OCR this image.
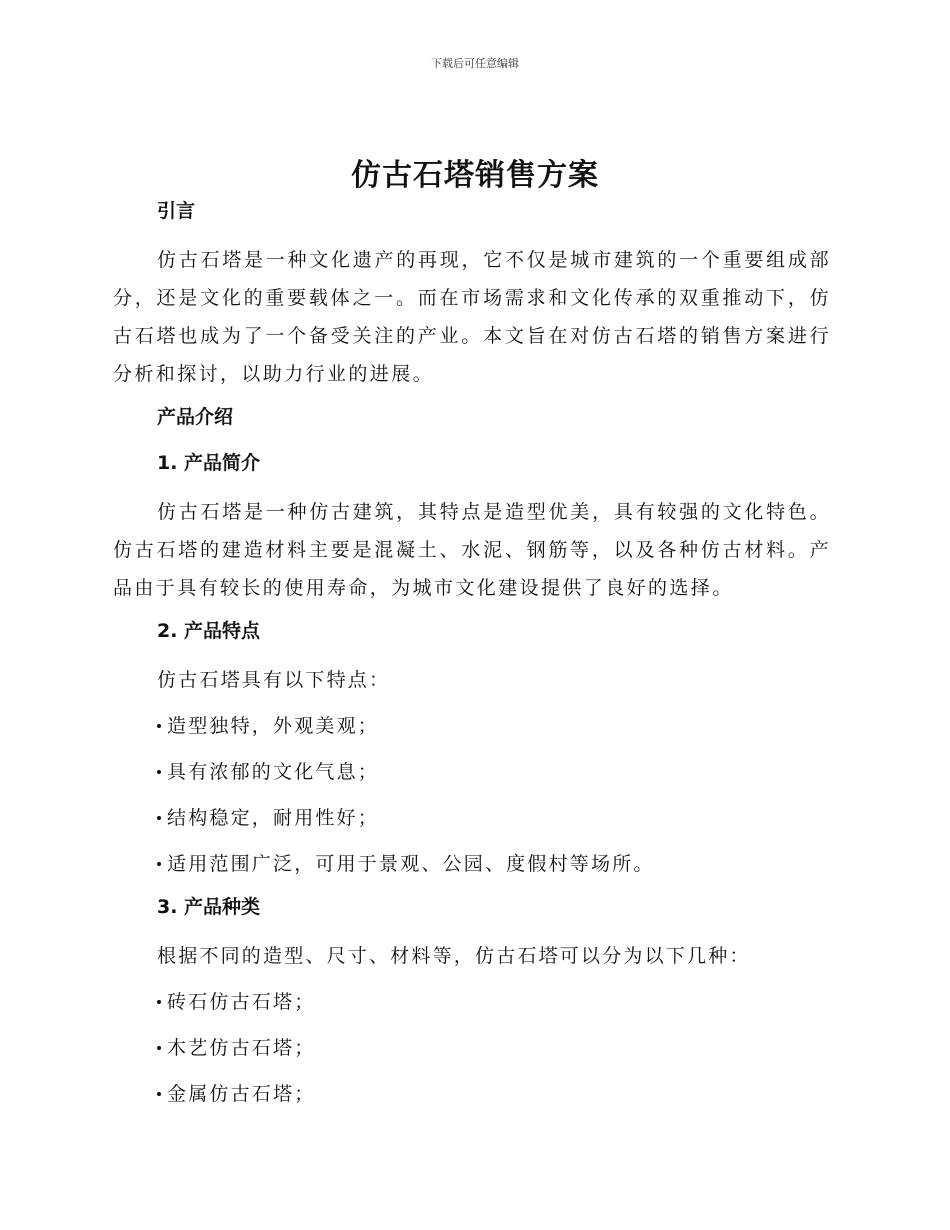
下载后可任意编辑
仿古石塔销售方案
引言
仿古石塔是一种文化遗产的再现，它不仅是城市建筑的一个重要组成部分，还是文化的重要载体之一。而在市场需求和文化传承的双重推动下，仿古石塔也成为了一个备受关注的产业。本文旨在对仿古石塔的销售方案进行分析和探讨，以助力行业的进展。
产品介绍
1. 产品简介
仿古石塔是一种仿古建筑，其特点是造型优美，具有较强的文化特色。仿古石塔的建造材料主要是混凝土、水泥、钢筋等，以及各种仿古材料。产品由于具有较长的使用寿命，为城市文化建设提供了良好的选择。
2. 产品特点
仿古石塔具有以下特点：
造型独特，外观美观；
具有浓郁的文化气息；
结构稳定，耐用性好；
适用范围广泛，可用于景观、公园、度假村等场所。
3. 产品种类
根据不同的造型、尺寸、材料等，仿古石塔可以分为以下几种：
砖石仿古石塔；
木艺仿古石塔；
金属仿古石塔；
